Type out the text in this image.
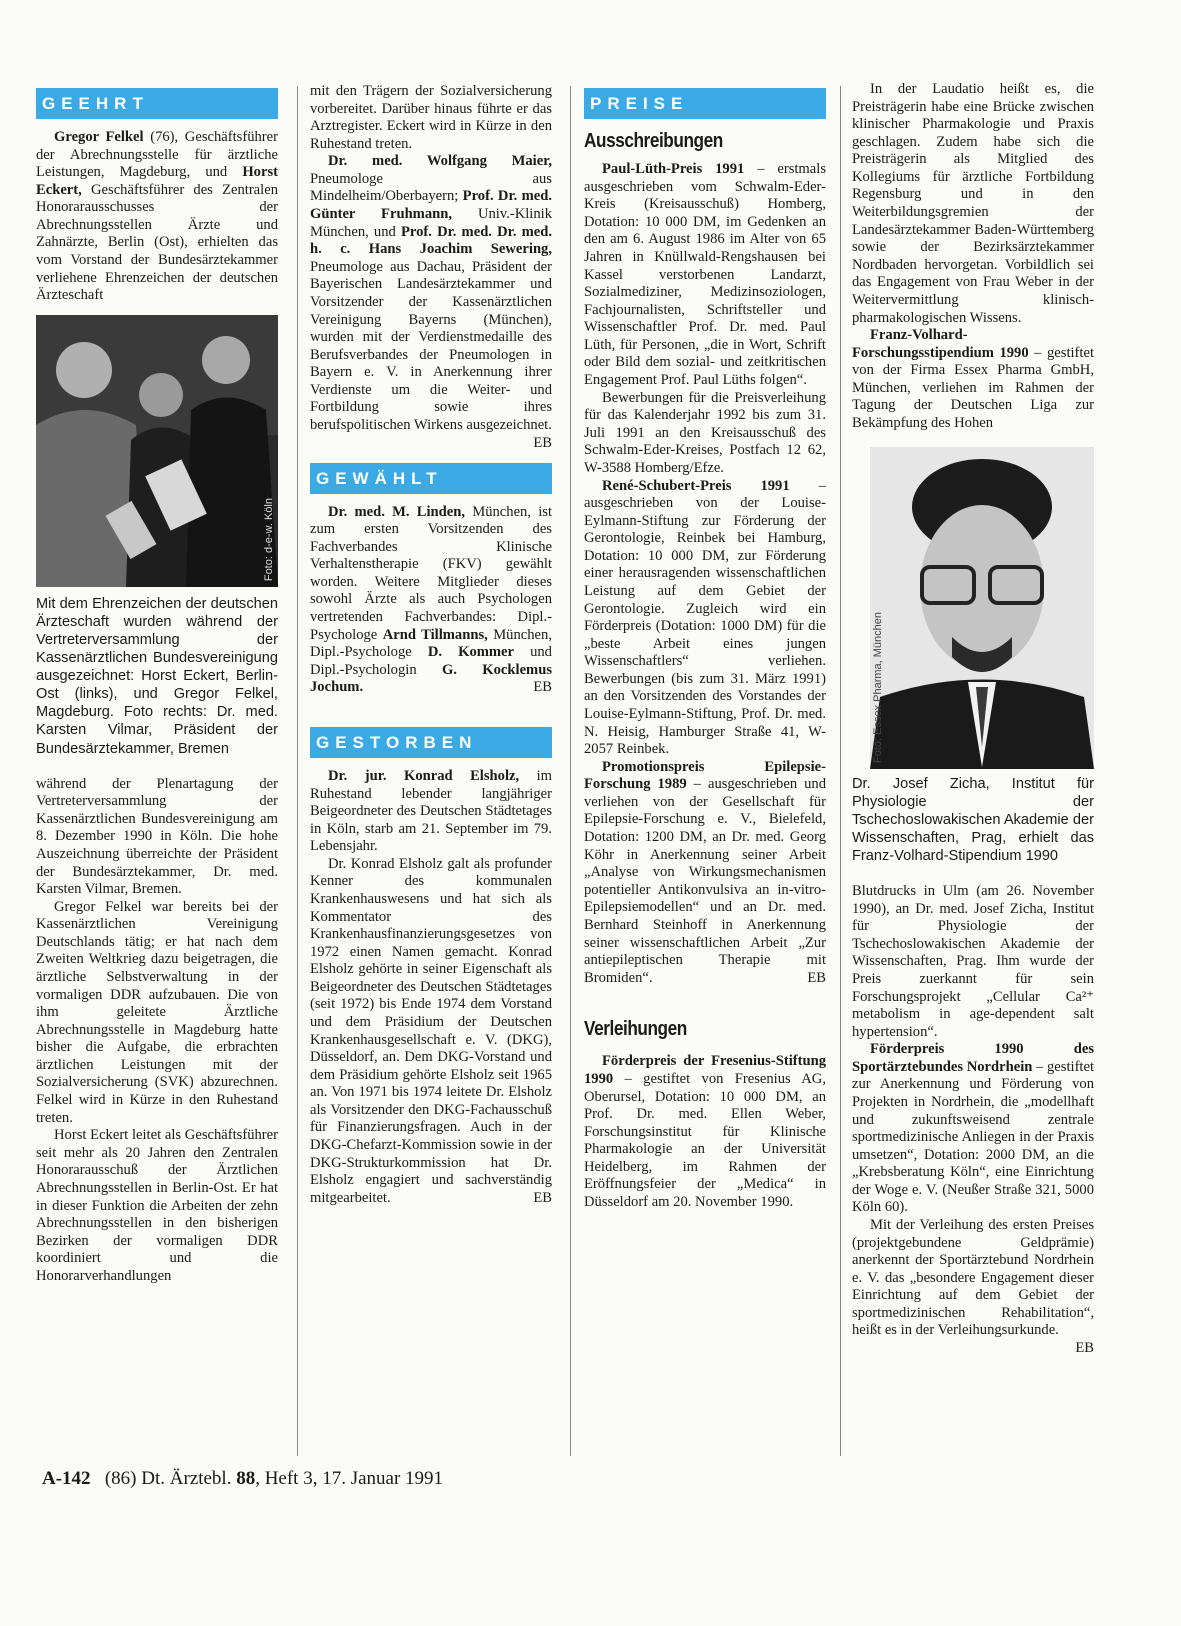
GEEHRT

Gregor Felkel (76), Geschäftsführer der Abrechnungsstelle für ärztliche Leistungen, Magdeburg, und Horst Eckert, Geschäftsführer des Zentralen Honorarausschusses der Abrechnungsstellen Ärzte und Zahnärzte, Berlin (Ost), erhielten das vom Vorstand der Bundesärztekammer verliehene Ehrenzeichen der deutschen Ärzteschaft

Foto: d-e-w. Köln
Mit dem Ehrenzeichen der deutschen Ärzteschaft wurden während der Vertreterversammlung der Kassenärztlichen Bundesvereinigung ausgezeichnet: Horst Eckert, Berlin-Ost (links), und Gregor Felkel, Magdeburg. Foto rechts: Dr. med. Karsten Vilmar, Präsident der Bundesärztekammer, Bremen

während der Plenartagung der Vertreterversammlung der Kassenärztlichen Bundesvereinigung am 8. Dezember 1990 in Köln. Die hohe Auszeichnung überreichte der Präsident der Bundesärztekammer, Dr. med. Karsten Vilmar, Bremen.

Gregor Felkel war bereits bei der Kassenärztlichen Vereinigung Deutschlands tätig; er hat nach dem Zweiten Weltkrieg dazu beigetragen, die ärztliche Selbstverwaltung in der vormaligen DDR aufzubauen. Die von ihm geleitete Ärztliche Abrechnungsstelle in Magdeburg hatte bisher die Aufgabe, die erbrachten ärztlichen Leistungen mit der Sozialversicherung (SVK) abzurechnen. Felkel wird in Kürze in den Ruhestand treten.

Horst Eckert leitet als Geschäftsführer seit mehr als 20 Jahren den Zentralen Honorarausschuß der Ärztlichen Abrechnungsstellen in Berlin-Ost. Er hat in dieser Funktion die Arbeiten der zehn Abrechnungsstellen in den bisherigen Bezirken der vormaligen DDR koordiniert und die Honorarverhandlungen

mit den Trägern der Sozialversicherung vorbereitet. Darüber hinaus führte er das Arztregister. Eckert wird in Kürze in den Ruhestand treten.

Dr. med. Wolfgang Maier, Pneumologe aus Mindelheim/Oberbayern; Prof. Dr. med. Günter Fruhmann, Univ.-Klinik München, und Prof. Dr. med. Dr. med. h. c. Hans Joachim Sewering, Pneumologe aus Dachau, Präsident der Bayerischen Landesärztekammer und Vorsitzender der Kassenärztlichen Vereinigung Bayerns (München), wurden mit der Verdienstmedaille des Berufsverbandes der Pneumologen in Bayern e. V. in Anerkennung ihrer Verdienste um die Weiter- und Fortbildung sowie ihres berufspolitischen Wirkens ausgezeichnet.
EB

GEWÄHLT

Dr. med. M. Linden, München, ist zum ersten Vorsitzenden des Fachverbandes Klinische Verhaltenstherapie (FKV) gewählt worden. Weitere Mitglieder dieses sowohl Ärzte als auch Psychologen vertretenden Fachverbandes: Dipl.-Psychologe Arnd Tillmanns, München, Dipl.-Psychologe D. Kommer und Dipl.-Psychologin G. Kocklemus Jochum.	EB

GESTORBEN

Dr. jur. Konrad Elsholz, im Ruhestand lebender langjähriger Beigeordneter des Deutschen Städtetages in Köln, starb am 21. September im 79. Lebensjahr.

Dr. Konrad Elsholz galt als profunder Kenner des kommunalen Krankenhauswesens und hat sich als Kommentator des Krankenhausfinanzierungsgesetzes von 1972 einen Namen gemacht. Konrad Elsholz gehörte in seiner Eigenschaft als Beigeordneter des Deutschen Städtetages (seit 1972) bis Ende 1974 dem Vorstand und dem Präsidium der Deutschen Krankenhausgesellschaft e. V. (DKG), Düsseldorf, an. Dem DKG-Vorstand und dem Präsidium gehörte Elsholz seit 1965 an. Von 1971 bis 1974 leitete Dr. Elsholz als Vorsitzender den DKG-Fachausschuß für Finanzierungsfragen. Auch in der DKG-Chefarzt-Kommission sowie in der DKG-Strukturkommission hat Dr. Elsholz engagiert und sachverständig mitgearbeitet.	EB

PREISE
Ausschreibungen

Paul-Lüth-Preis 1991 – erstmals ausgeschrieben vom Schwalm-Eder-Kreis (Kreisausschuß) Homberg, Dotation: 10 000 DM, im Gedenken an den am 6. August 1986 im Alter von 65 Jahren in Knüllwald-Rengshausen bei Kassel verstorbenen Landarzt, Sozialmediziner, Medizinsoziologen, Fachjournalisten, Schriftsteller und Wissenschaftler Prof. Dr. med. Paul Lüth, für Personen, „die in Wort, Schrift oder Bild dem sozial- und zeitkritischen Engagement Prof. Paul Lüths folgen“.

Bewerbungen für die Preisverleihung für das Kalenderjahr 1992 bis zum 31. Juli 1991 an den Kreisausschuß des Schwalm-Eder-Kreises, Postfach 12 62, W-3588 Homberg/Efze.

René-Schubert-Preis 1991 – ausgeschrieben von der Louise-Eylmann-Stiftung zur Förderung der Gerontologie, Reinbek bei Hamburg, Dotation: 10 000 DM, zur Förderung einer herausragenden wissenschaftlichen Leistung auf dem Gebiet der Gerontologie. Zugleich wird ein Förderpreis (Dotation: 1000 DM) für die „beste Arbeit eines jungen Wissenschaftlers“ verliehen. Bewerbungen (bis zum 31. März 1991) an den Vorsitzenden des Vorstandes der Louise-Eylmann-Stiftung, Prof. Dr. med. N. Heisig, Hamburger Straße 41, W-2057 Reinbek.

Promotionspreis Epilepsie-Forschung 1989 – ausgeschrieben und verliehen von der Gesellschaft für Epilepsie-Forschung e. V., Bielefeld, Dotation: 1200 DM, an Dr. med. Georg Köhr in Anerkennung seiner Arbeit „Analyse von Wirkungsmechanismen potentieller Antikonvulsiva an in-vitro-Epilepsiemodellen“ und an Dr. med. Bernhard Steinhoff in Anerkennung seiner wissenschaftlichen Arbeit „Zur antiepileptischen Therapie mit Bromiden“.	EB

Verleihungen

Förderpreis der Fresenius-Stiftung 1990 – gestiftet von Fresenius AG, Oberursel, Dotation: 10 000 DM, an Prof. Dr. med. Ellen Weber, Forschungsinstitut für Klinische Pharmakologie an der Universität Heidelberg, im Rahmen der Eröffnungsfeier der „Medica“ in Düsseldorf am 20. November 1990.

In der Laudatio heißt es, die Preisträgerin habe eine Brücke zwischen klinischer Pharmakologie und Praxis geschlagen. Zudem habe sich die Preisträgerin als Mitglied des Kollegiums für ärztliche Fortbildung Regensburg und in den Weiterbildungsgremien der Landesärztekammer Baden-Württemberg sowie der Bezirksärztekammer Nordbaden hervorgetan. Vorbildlich sei das Engagement von Frau Weber in der Weitervermittlung klinisch-pharmakologischen Wissens.

Franz-Volhard-Forschungsstipendium 1990 – gestiftet von der Firma Essex Pharma GmbH, München, verliehen im Rahmen der Tagung der Deutschen Liga zur Bekämpfung des Hohen

Foto: Essex Pharma, München
Dr. Josef Zicha, Institut für Physiologie der Tschechoslowakischen Akademie der Wissenschaften, Prag, erhielt das Franz-Volhard-Stipendium 1990

Blutdrucks in Ulm (am 26. November 1990), an Dr. med. Josef Zicha, Institut für Physiologie der Tschechoslowakischen Akademie der Wissenschaften, Prag. Ihm wurde der Preis zuerkannt für sein Forschungsprojekt „Cellular Ca²⁺ metabolism in age-dependent salt hypertension“.

Förderpreis 1990 des Sportärztebundes Nordrhein – gestiftet zur Anerkennung und Förderung von Projekten in Nordrhein, die „modellhaft und zukunftsweisend zentrale sportmedizinische Anliegen in der Praxis umsetzen“, Dotation: 2000 DM, an die „Krebsberatung Köln“, eine Einrichtung der Woge e. V. (Neußer Straße 321, 5000 Köln 60).

Mit der Verleihung des ersten Preises (projektgebundene Geldprämie) anerkennt der Sportärztebund Nordrhein e. V. das „besondere Engagement dieser Einrichtung auf dem Gebiet der sportmedizinischen Rehabilitation“, heißt es in der Verleihungsurkunde.
EB

A-142 (86) Dt. Ärztebl. 88, Heft 3, 17. Januar 1991
